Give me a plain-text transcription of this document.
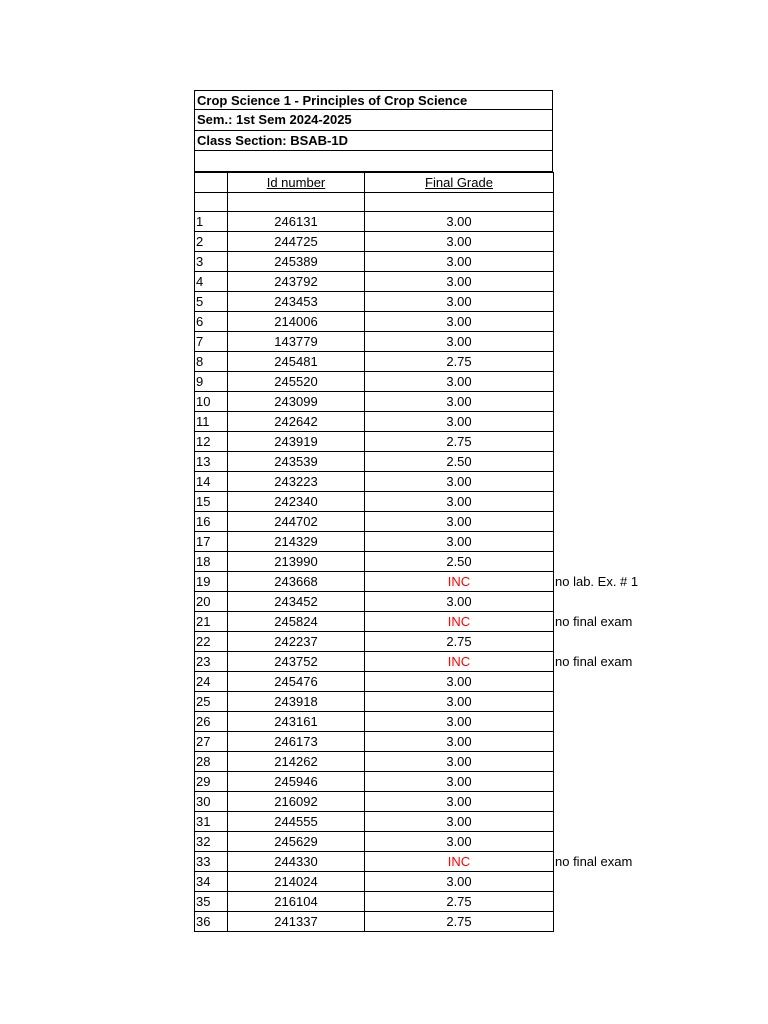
Crop Science 1 - Principles of Crop Science
Sem.: 1st Sem 2024-2025
Class Section: BSAB-1D
	Id number	Final Grade

1	246131	3.00
2	244725	3.00
3	245389	3.00
4	243792	3.00
5	243453	3.00
6	214006	3.00
7	143779	3.00
8	245481	2.75
9	245520	3.00
10	243099	3.00
11	242642	3.00
12	243919	2.75
13	243539	2.50
14	243223	3.00
15	242340	3.00
16	244702	3.00
17	214329	3.00
18	213990	2.50
19	243668	INC no lab. Ex. # 1

20	243452	3.00
21	245824	INC no final exam

22	242237	2.75
23	243752	INC no final exam

24	245476	3.00
25	243918	3.00
26	243161	3.00
27	246173	3.00
28	214262	3.00
29	245946	3.00
30	216092	3.00
31	244555	3.00
32	245629	3.00
33	244330	INC no final exam

34	214024	3.00
35	216104	2.75
36	241337	2.75
